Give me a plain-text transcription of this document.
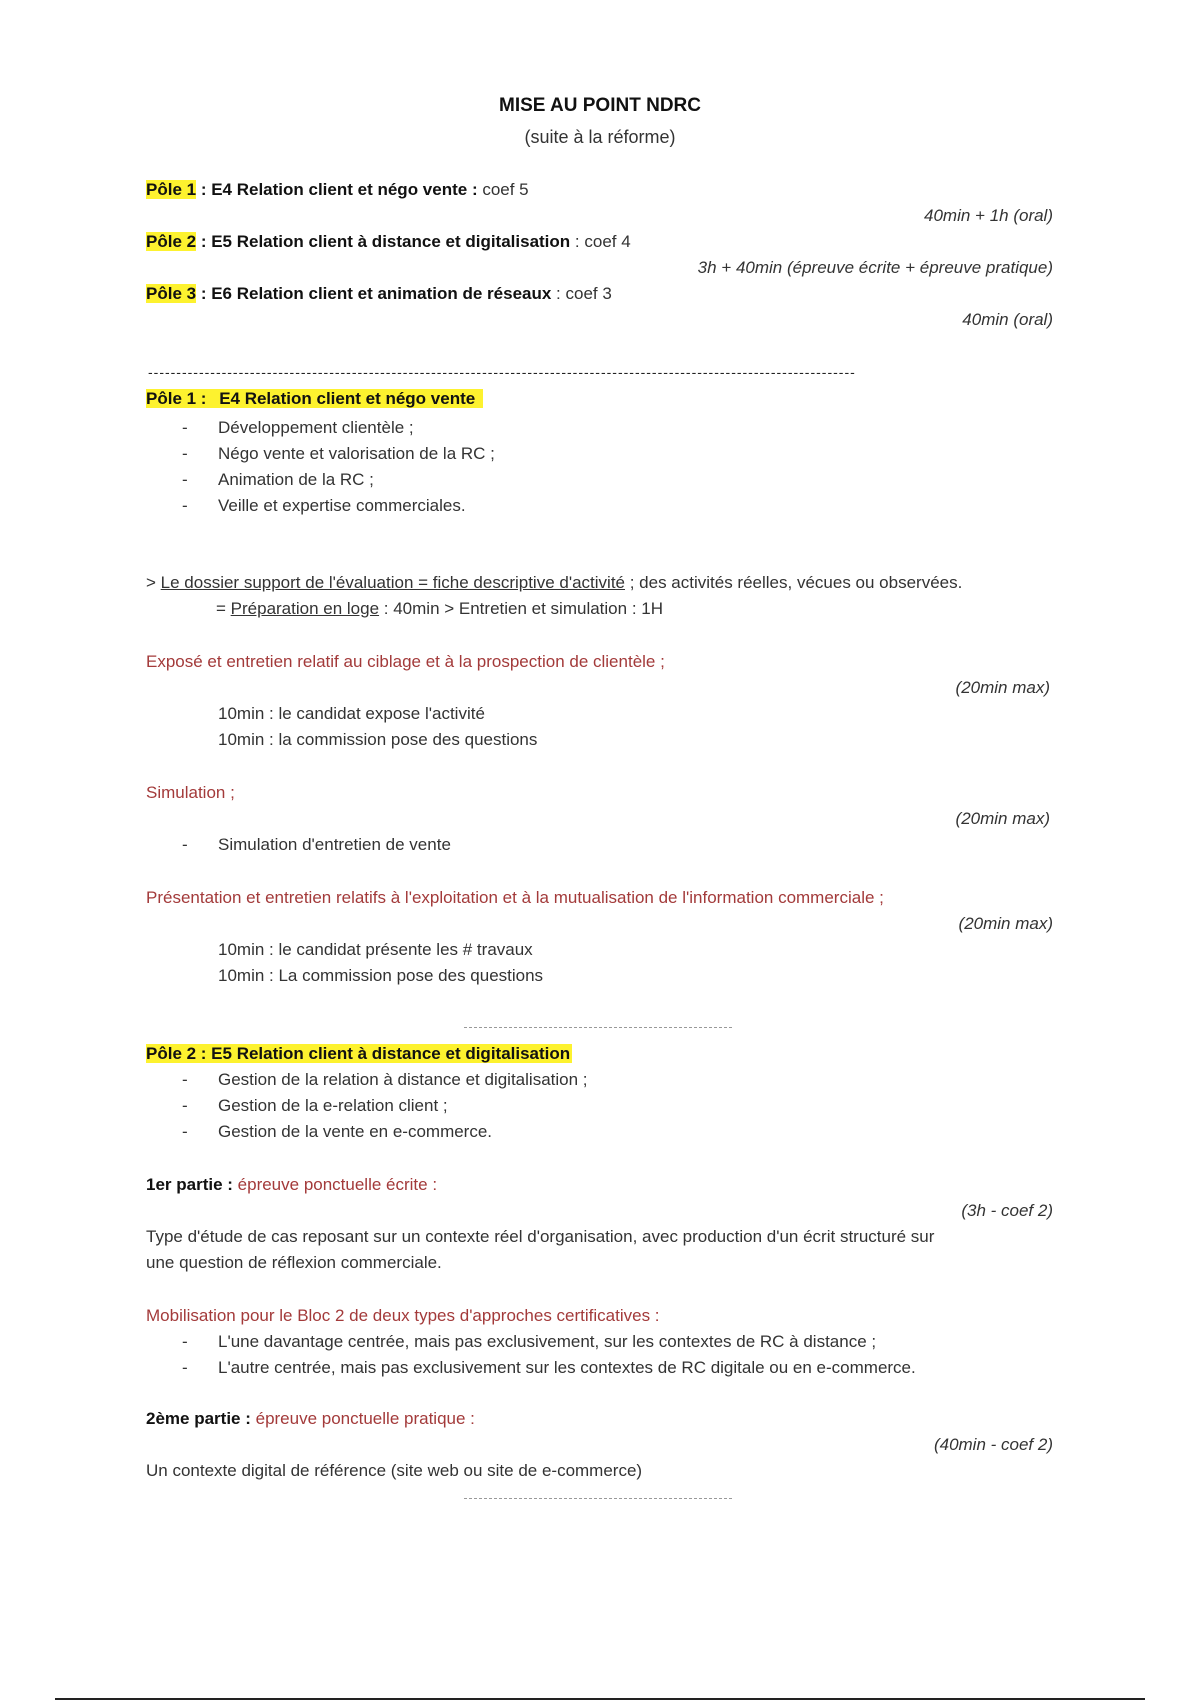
MISE AU POINT NDRC
(suite à la réforme)
Pôle 1 : E4 Relation client et négo vente : coef 5
40min + 1h (oral)
Pôle 2 : E5 Relation client à distance et digitalisation : coef 4
3h + 40min (épreuve écrite + épreuve pratique)
Pôle 3 : E6 Relation client et animation de réseaux : coef 3
40min (oral)
-----------------------------------------------------------------------------------------------------------------------------
Pôle 1 : E4 Relation client et négo vente
- Développement clientèle ;
- Négo vente et valorisation de la RC ;
- Animation de la RC ;
- Veille et expertise commerciales.
> Le dossier support de l'évaluation = fiche descriptive d'activité ; des activités réelles, vécues ou observées.
= Préparation en loge : 40min > Entretien et simulation : 1H
Exposé et entretien relatif au ciblage et à la prospection de clientèle ;
(20min max)
10min : le candidat expose l'activité
10min : la commission pose des questions
Simulation ;
(20min max)
- Simulation d'entretien de vente
Présentation et entretien relatifs à l'exploitation et à la mutualisation de l'information commerciale ;
(20min max)
10min : le candidat présente les # travaux
10min : La commission pose des questions
Pôle 2 : E5 Relation client à distance et digitalisation
- Gestion de la relation à distance et digitalisation ;
- Gestion de la e-relation client ;
- Gestion de la vente en e-commerce.
1er partie : épreuve ponctuelle écrite :
(3h - coef 2)
Type d'étude de cas reposant sur un contexte réel d'organisation, avec production d'un écrit structuré sur
une question de réflexion commerciale.
Mobilisation pour le Bloc 2 de deux types d'approches certificatives :
- L'une davantage centrée, mais pas exclusivement, sur les contextes de RC à distance ;
- L'autre centrée, mais pas exclusivement sur les contextes de RC digitale ou en e-commerce.
2ème partie : épreuve ponctuelle pratique :
(40min - coef 2)
Un contexte digital de référence (site web ou site de e-commerce)
